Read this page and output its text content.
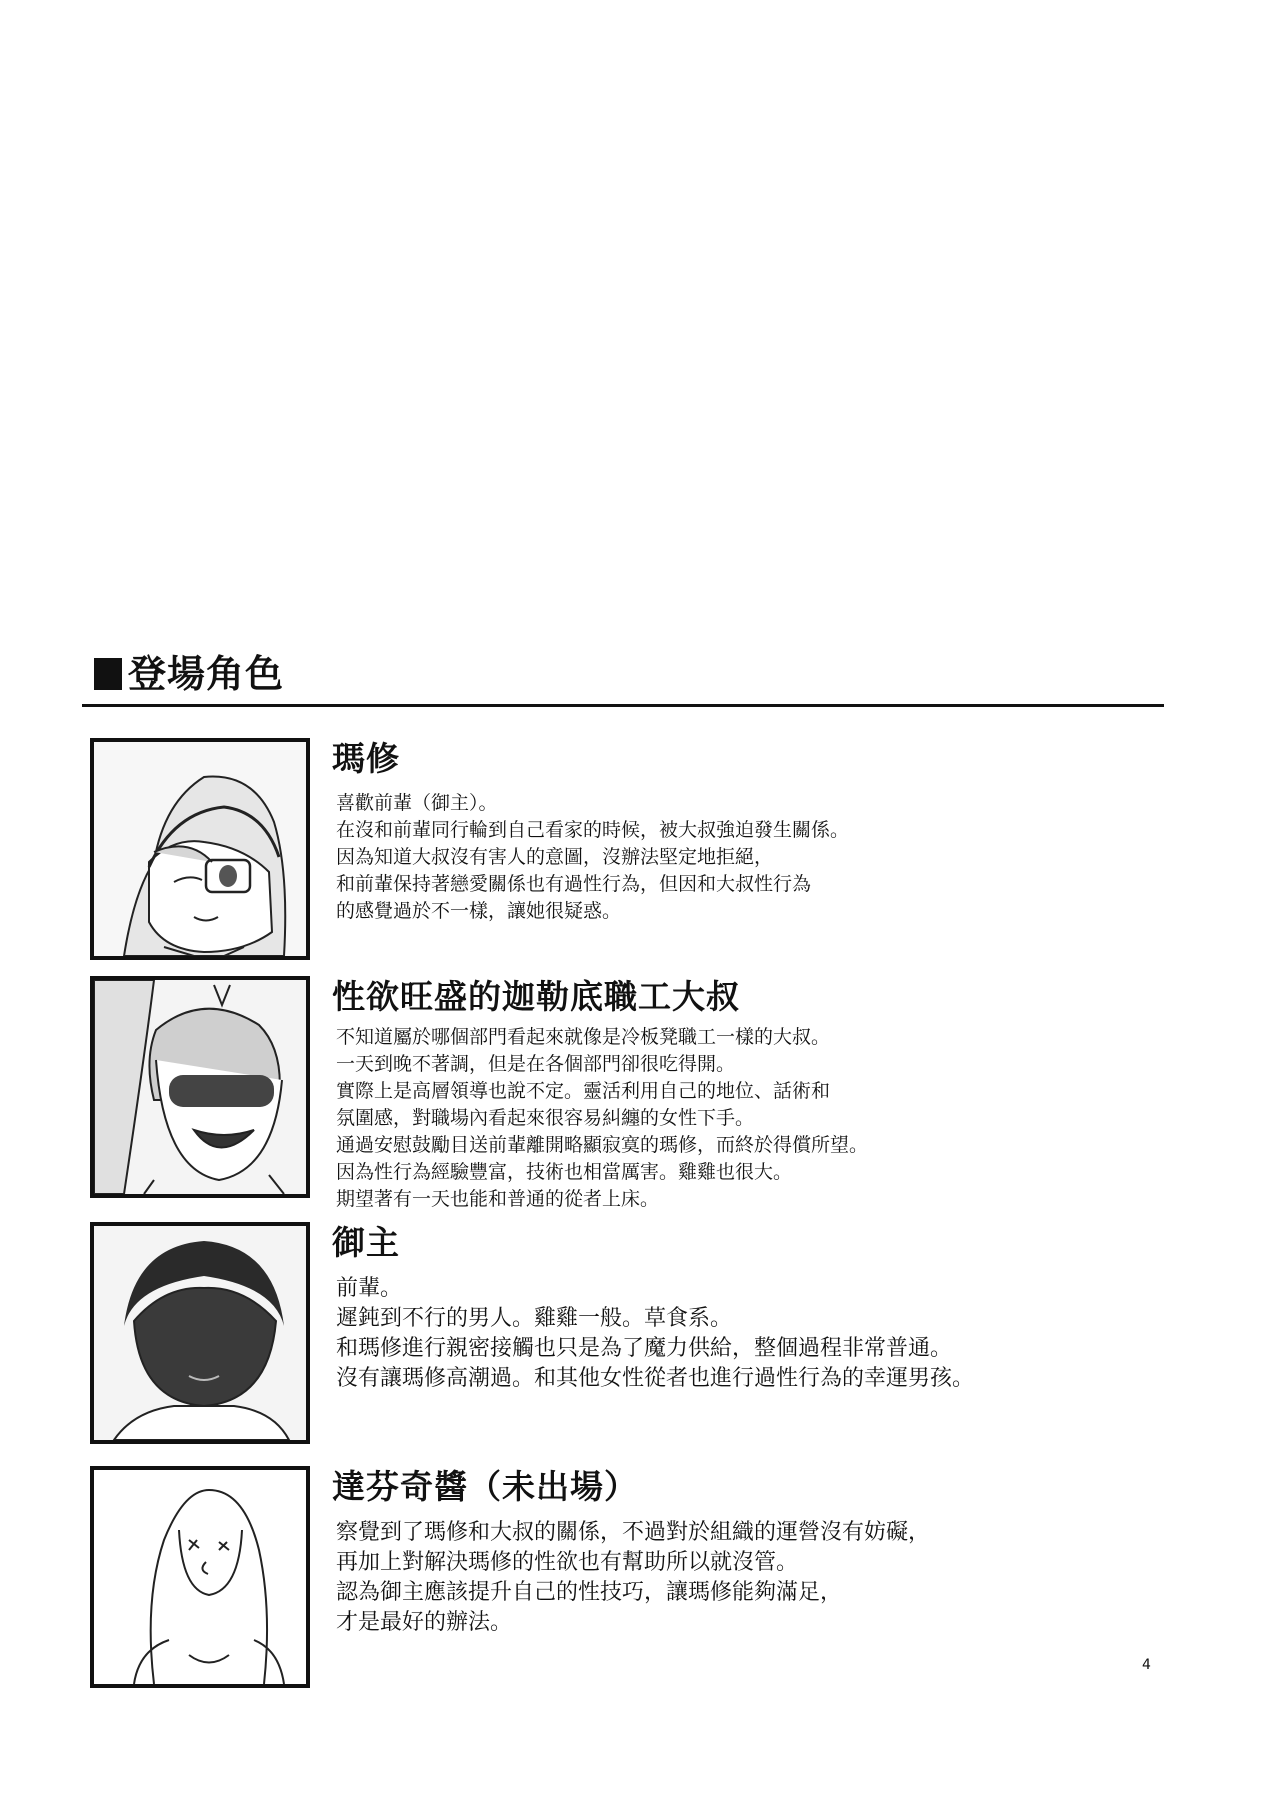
登場角色
瑪修
喜歡前輩（御主）。
在沒和前輩同行輪到自己看家的時候，被大叔強迫發生關係。
因為知道大叔沒有害人的意圖，沒辦法堅定地拒絕，
和前輩保持著戀愛關係也有過性行為，但因和大叔性行為
的感覺過於不一樣，讓她很疑惑。
性欲旺盛的迦勒底職工大叔
不知道屬於哪個部門看起來就像是冷板凳職工一樣的大叔。
一天到晚不著調，但是在各個部門卻很吃得開。
實際上是高層領導也說不定。靈活利用自己的地位、話術和
氛圍感，對職場內看起來很容易糾纏的女性下手。
通過安慰鼓勵目送前輩離開略顯寂寞的瑪修，而終於得償所望。
因為性行為經驗豐富，技術也相當厲害。雞雞也很大。
期望著有一天也能和普通的從者上床。
御主
前輩。
遲鈍到不行的男人。雞雞一般。草食系。
和瑪修進行親密接觸也只是為了魔力供給，整個過程非常普通。
沒有讓瑪修高潮過。和其他女性從者也進行過性行為的幸運男孩。
達芬奇醬（未出場）
察覺到了瑪修和大叔的關係，不過對於組織的運營沒有妨礙，
再加上對解決瑪修的性欲也有幫助所以就沒管。
認為御主應該提升自己的性技巧，讓瑪修能夠滿足，
才是最好的辦法。
4
